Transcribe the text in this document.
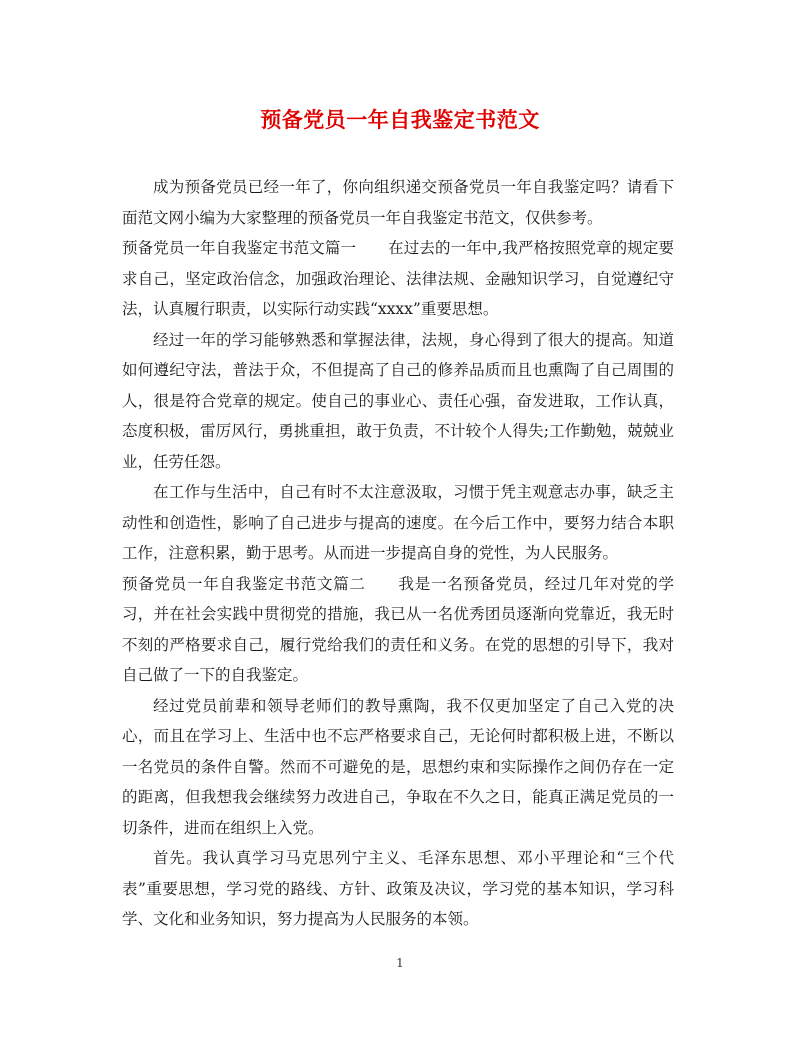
预备党员一年自我鉴定书范文

成为预备党员已经一年了，你向组织递交预备党员一年自我鉴定吗？请看下面范文网小编为大家整理的预备党员一年自我鉴定书范文，仅供参考。

预备党员一年自我鉴定书范文篇一 在过去的一年中,我严格按照党章的规定要求自己，坚定政治信念，加强政治理论、法律法规、金融知识学习，自觉遵纪守法，认真履行职责，以实际行动实践“xxxx”重要思想。

经过一年的学习能够熟悉和掌握法律，法规，身心得到了很大的提高。知道如何遵纪守法，普法于众，不但提高了自己的修养品质而且也熏陶了自己周围的人，很是符合党章的规定。使自己的事业心、责任心强，奋发进取，工作认真，态度积极，雷厉风行，勇挑重担，敢于负责，不计较个人得失;工作勤勉，兢兢业业，任劳任怨。

在工作与生活中，自己有时不太注意汲取，习惯于凭主观意志办事，缺乏主动性和创造性，影响了自己进步与提高的速度。在今后工作中，要努力结合本职工作，注意积累，勤于思考。从而进一步提高自身的党性，为人民服务。

预备党员一年自我鉴定书范文篇二 我是一名预备党员，经过几年对党的学习，并在社会实践中贯彻党的措施，我已从一名优秀团员逐渐向党靠近，我无时不刻的严格要求自己，履行党给我们的责任和义务。在党的思想的引导下，我对自己做了一下的自我鉴定。

经过党员前辈和领导老师们的教导熏陶，我不仅更加坚定了自己入党的决心，而且在学习上、生活中也不忘严格要求自己，无论何时都积极上进，不断以一名党员的条件自警。然而不可避免的是，思想约束和实际操作之间仍存在一定的距离，但我想我会继续努力改进自己，争取在不久之日，能真正满足党员的一切条件，进而在组织上入党。

首先。我认真学习马克思列宁主义、毛泽东思想、邓小平理论和“三个代表”重要思想，学习党的路线、方针、政策及决议，学习党的基本知识，学习科学、文化和业务知识，努力提高为人民服务的本领。

1
